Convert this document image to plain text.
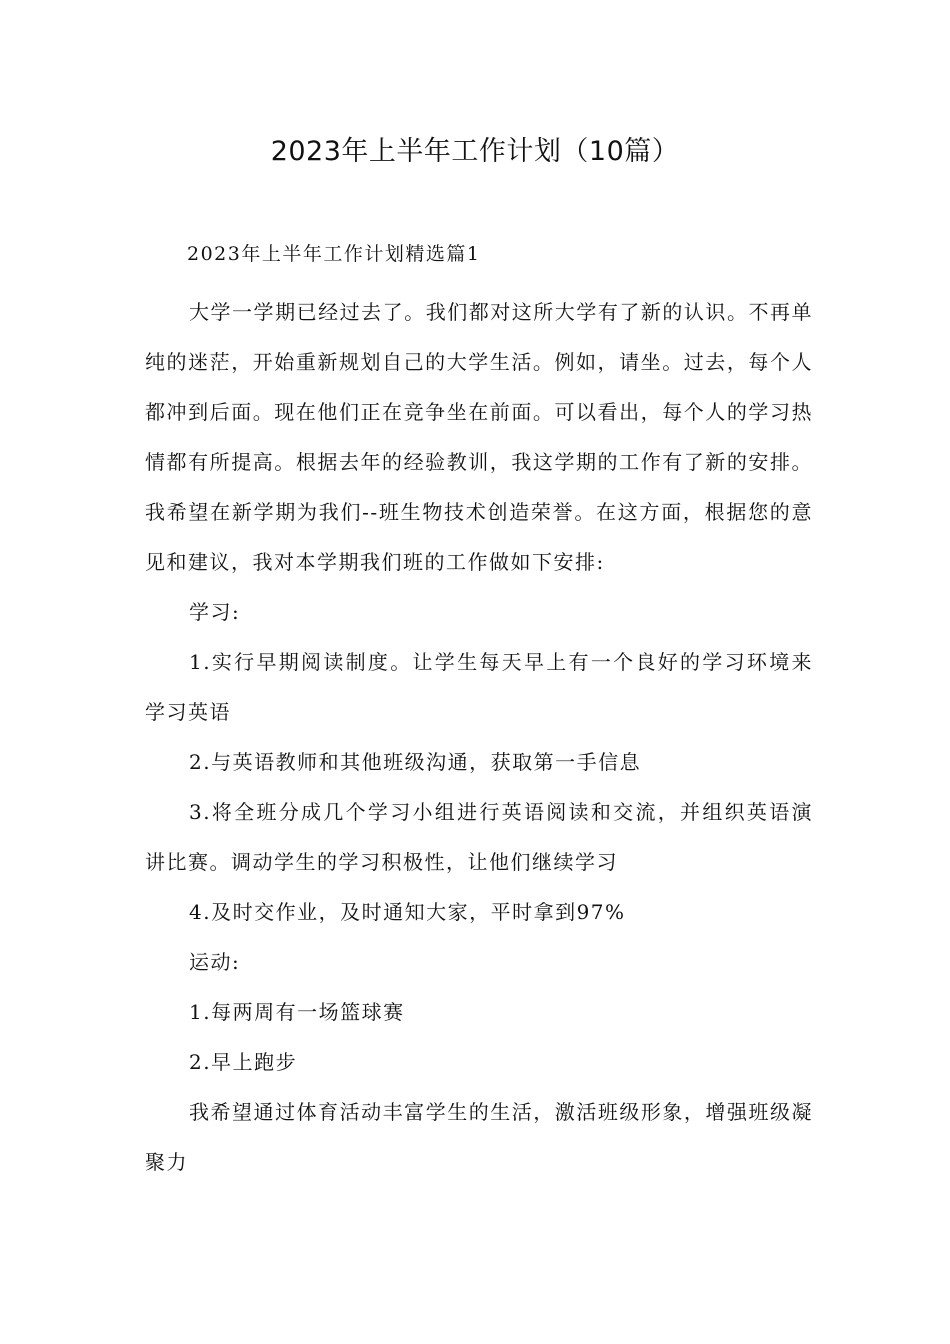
2023年上半年工作计划（10篇）
2023年上半年工作计划精选篇1

大学一学期已经过去了。我们都对这所大学有了新的认识。不再单纯的迷茫，开始重新规划自己的大学生活。例如，请坐。过去，每个人都冲到后面。现在他们正在竞争坐在前面。可以看出，每个人的学习热情都有所提高。根据去年的经验教训，我这学期的工作有了新的安排。我希望在新学期为我们--班生物技术创造荣誉。在这方面，根据您的意见和建议，我对本学期我们班的工作做如下安排:

学习:

1.实行早期阅读制度。让学生每天早上有一个良好的学习环境来学习英语

2.与英语教师和其他班级沟通，获取第一手信息

3.将全班分成几个学习小组进行英语阅读和交流，并组织英语演讲比赛。调动学生的学习积极性，让他们继续学习

4.及时交作业，及时通知大家，平时拿到97%

运动:

1.每两周有一场篮球赛

2.早上跑步

我希望通过体育活动丰富学生的生活，激活班级形象，增强班级凝聚力
